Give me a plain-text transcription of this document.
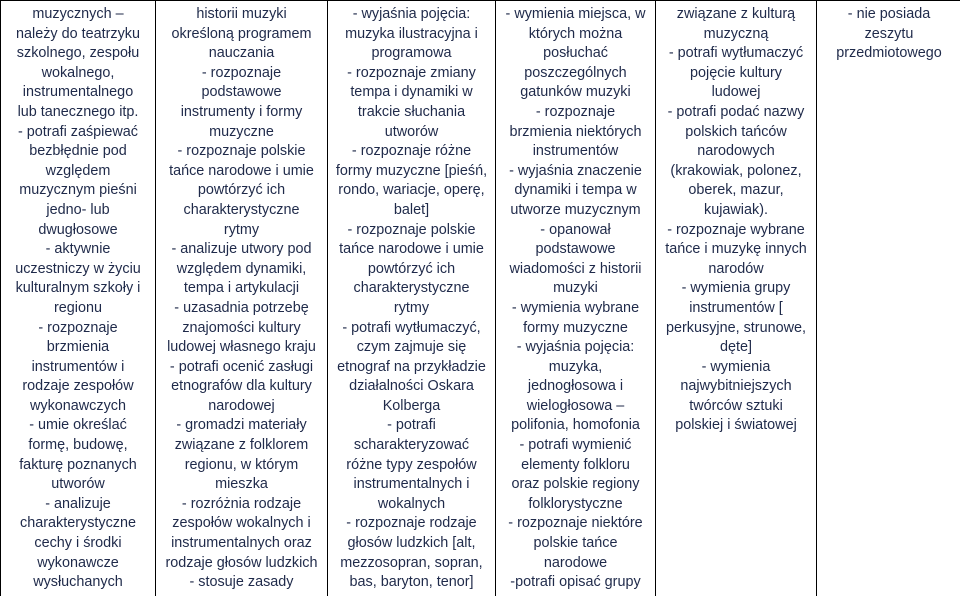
muzycznych –
należy do teatrzyku
szkolnego, zespołu
wokalnego,
instrumentalnego
lub tanecznego itp.
- potrafi zaśpiewać
bezbłędnie pod
względem
muzycznym pieśni
jedno- lub
dwugłosowe
- aktywnie
uczestniczy w życiu
kulturalnym szkoły i
regionu
- rozpoznaje
brzmienia
instrumentów i
rodzaje zespołów
wykonawczych
- umie określać
formę, budowę,
fakturę poznanych
utworów
- analizuje
charakterystyczne
cechy i środki
wykonawcze
wysłuchanych

historii muzyki
określoną programem
nauczania
- rozpoznaje
podstawowe
instrumenty i formy
muzyczne
- rozpoznaje polskie
tańce narodowe i umie
powtórzyć ich
charakterystyczne
rytmy
- analizuje utwory pod
względem dynamiki,
tempa i artykulacji
- uzasadnia potrzebę
znajomości kultury
ludowej własnego kraju
- potrafi ocenić zasługi
etnografów dla kultury
narodowej
- gromadzi materiały
związane z folklorem
regionu, w którym
mieszka
- rozróżnia rodzaje
zespołów wokalnych i
instrumentalnych oraz
rodzaje głosów ludzkich
- stosuje zasady

- wyjaśnia pojęcia:
muzyka ilustracyjna i
programowa
- rozpoznaje zmiany
tempa i dynamiki w
trakcie słuchania
utworów
- rozpoznaje różne
formy muzyczne [pieśń,
rondo, wariacje, operę,
balet]
- rozpoznaje polskie
tańce narodowe i umie
powtórzyć ich
charakterystyczne
rytmy
- potrafi wytłumaczyć,
czym zajmuje się
etnograf na przykładzie
działalności Oskara
Kolberga
- potrafi
scharakteryzować
różne typy zespołów
instrumentalnych i
wokalnych
- rozpoznaje rodzaje
głosów ludzkich [alt,
mezzosopran, sopran,
bas, baryton, tenor]

- wymienia miejsca, w
których można
posłuchać
poszczególnych
gatunków muzyki
- rozpoznaje
brzmienia niektórych
instrumentów
- wyjaśnia znaczenie
dynamiki i tempa w
utworze muzycznym
- opanował
podstawowe
wiadomości z historii
muzyki
- wymienia wybrane
formy muzyczne
- wyjaśnia pojęcia:
muzyka,
jednogłosowa i
wielogłosowa –
polifonia, homofonia
- potrafi wymienić
elementy folkloru
oraz polskie regiony
folklorystyczne
- rozpoznaje niektóre
polskie tańce
narodowe
-potrafi opisać grupy

związane z kulturą
muzyczną
- potrafi wytłumaczyć
pojęcie kultury
ludowej
- potrafi podać nazwy
polskich tańców
narodowych
(krakowiak, polonez,
oberek, mazur,
kujawiak).
- rozpoznaje wybrane
tańce i muzykę innych
narodów
- wymienia grupy
instrumentów [
perkusyjne, strunowe,
dęte]
- wymienia
najwybitniejszych
twórców sztuki
polskiej i światowej

- nie posiada
zeszytu
przedmiotowego
